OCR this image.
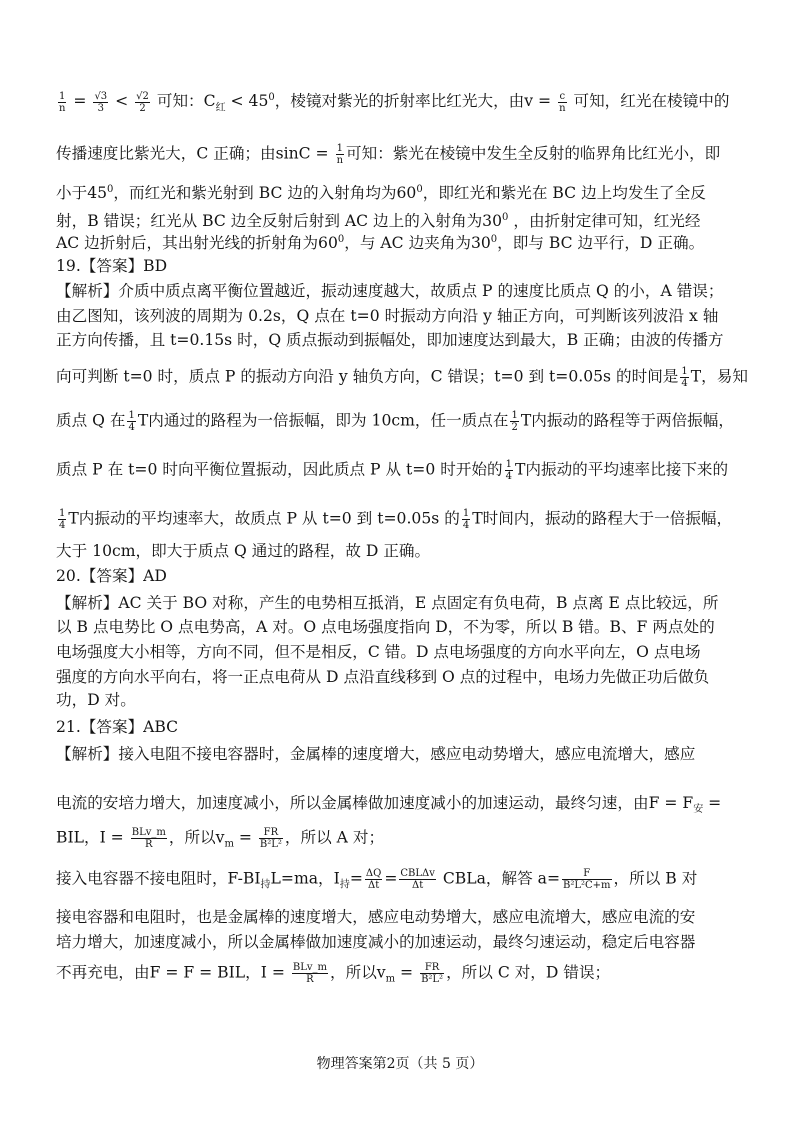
$\frac{1}{n} = \frac{√3}{3} < \frac{√2}{2}$ 可知：$C_红 < 45^0$，棱镜对紫光的折射率比红光大，由$v = \frac{c}{n}$ 可知，红光在棱镜中的
传播速度比紫光大，C 正确；由$\sin C = \frac{1}{n}$ 可知：紫光在棱镜中发生全反射的临界角比红光小，即
小于$45^0$，而红光和紫光射到 BC 边的入射角均为$60^0$，即红光和紫光在 BC 边上均发生了全反
射，B 错误；红光从 BC 边全反射后射到 AC 边上的入射角为$30^0$ ，由折射定律可知，红光经
AC 边折射后，其出射光线的折射角为$60^0$，与 AC 边夹角为$30^0$，即与 BC 边平行，D 正确。
19.【答案】BD
【解析】介质中质点离平衡位置越近，振动速度越大，故质点 P 的速度比质点 Q 的小，A 错误；
由乙图知，该列波的周期为 0.2s，Q 点在 t=0 时振动方向沿 y 轴正方向，可判断该列波沿 x 轴
正方向传播，且 t=0.15s 时，Q 质点振动到振幅处，即加速度达到最大，B 正确；由波的传播方
向可判断 t=0 时，质点 P 的振动方向沿 y 轴负方向，C 错误；t=0 到 t=0.05s 的时间是 $\frac{1}{4}$ T，易知
质点 Q 在 $\frac{1}{4}$ T内通过的路程为一倍振幅，即为 10cm，任一质点在 $\frac{1}{2}$ T内振动的路程等于两倍振幅，
质点 P 在 t=0 时向平衡位置振动，因此质点 P 从 t=0 时开始的 $\frac{1}{4}$ T内振动的平均速率比接下来的
$\frac{1}{4}$ T内振动的平均速率大，故质点 P 从 t=0 到 t=0.05s 的 $\frac{1}{4}$ T时间内，振动的路程大于一倍振幅，
大于 10cm，即大于质点 Q 通过的路程，故 D 正确。
20.【答案】AD
【解析】AC 关于 BO 对称，产生的电势相互抵消，E 点固定有负电荷，B 点离 E 点比较远，所
以 B 点电势比 O 点电势高，A 对。O 点电场强度指向 D，不为零，所以 B 错。B、F 两点处的
电场强度大小相等，方向不同，但不是相反，C 错。D 点电场强度的方向水平向左，O 点电场
强度的方向水平向右，将一正点电荷从 D 点沿直线移到 O 点的过程中，电场力先做正功后做负
功，D 对。
21.【答案】ABC
【解析】接入电阻不接电容器时，金属棒的速度增大，感应电动势增大，感应电流增大，感应
电流的安培力增大，加速度减小，所以金属棒做加速度减小的加速运动，最终匀速，由$F = F_安$ =
BIL，$I = \frac{\text{BLv\_m}}{R}$ ，所以$v_m = \frac{FR}{\text{B²L²}}$ ，所以 A 对；
接入电容器不接电阻时，$F-BI_持L=ma$，$I_持= \frac{\Delta Q}{\Delta t} = \frac{\text{CBLΔv}}{\Delta t}$ CBLa，解答 $a= \frac{F}{\text{B²L²C+m}}$ ，所以 B 对
接电容器和电阻时，也是金属棒的速度增大，感应电动势增大，感应电流增大，感应电流的安
培力增大，加速度减小，所以金属棒做加速度减小的加速运动，最终匀速运动，稳定后电容器
不再充电，由F = F = BIL，$I = \frac{\text{BLv\_m}}{R}$ ，所以$v_m = \frac{FR}{\text{B²L²}}$ ，所以 C 对，D 错误；
物理答案第2页（共 5 页）
